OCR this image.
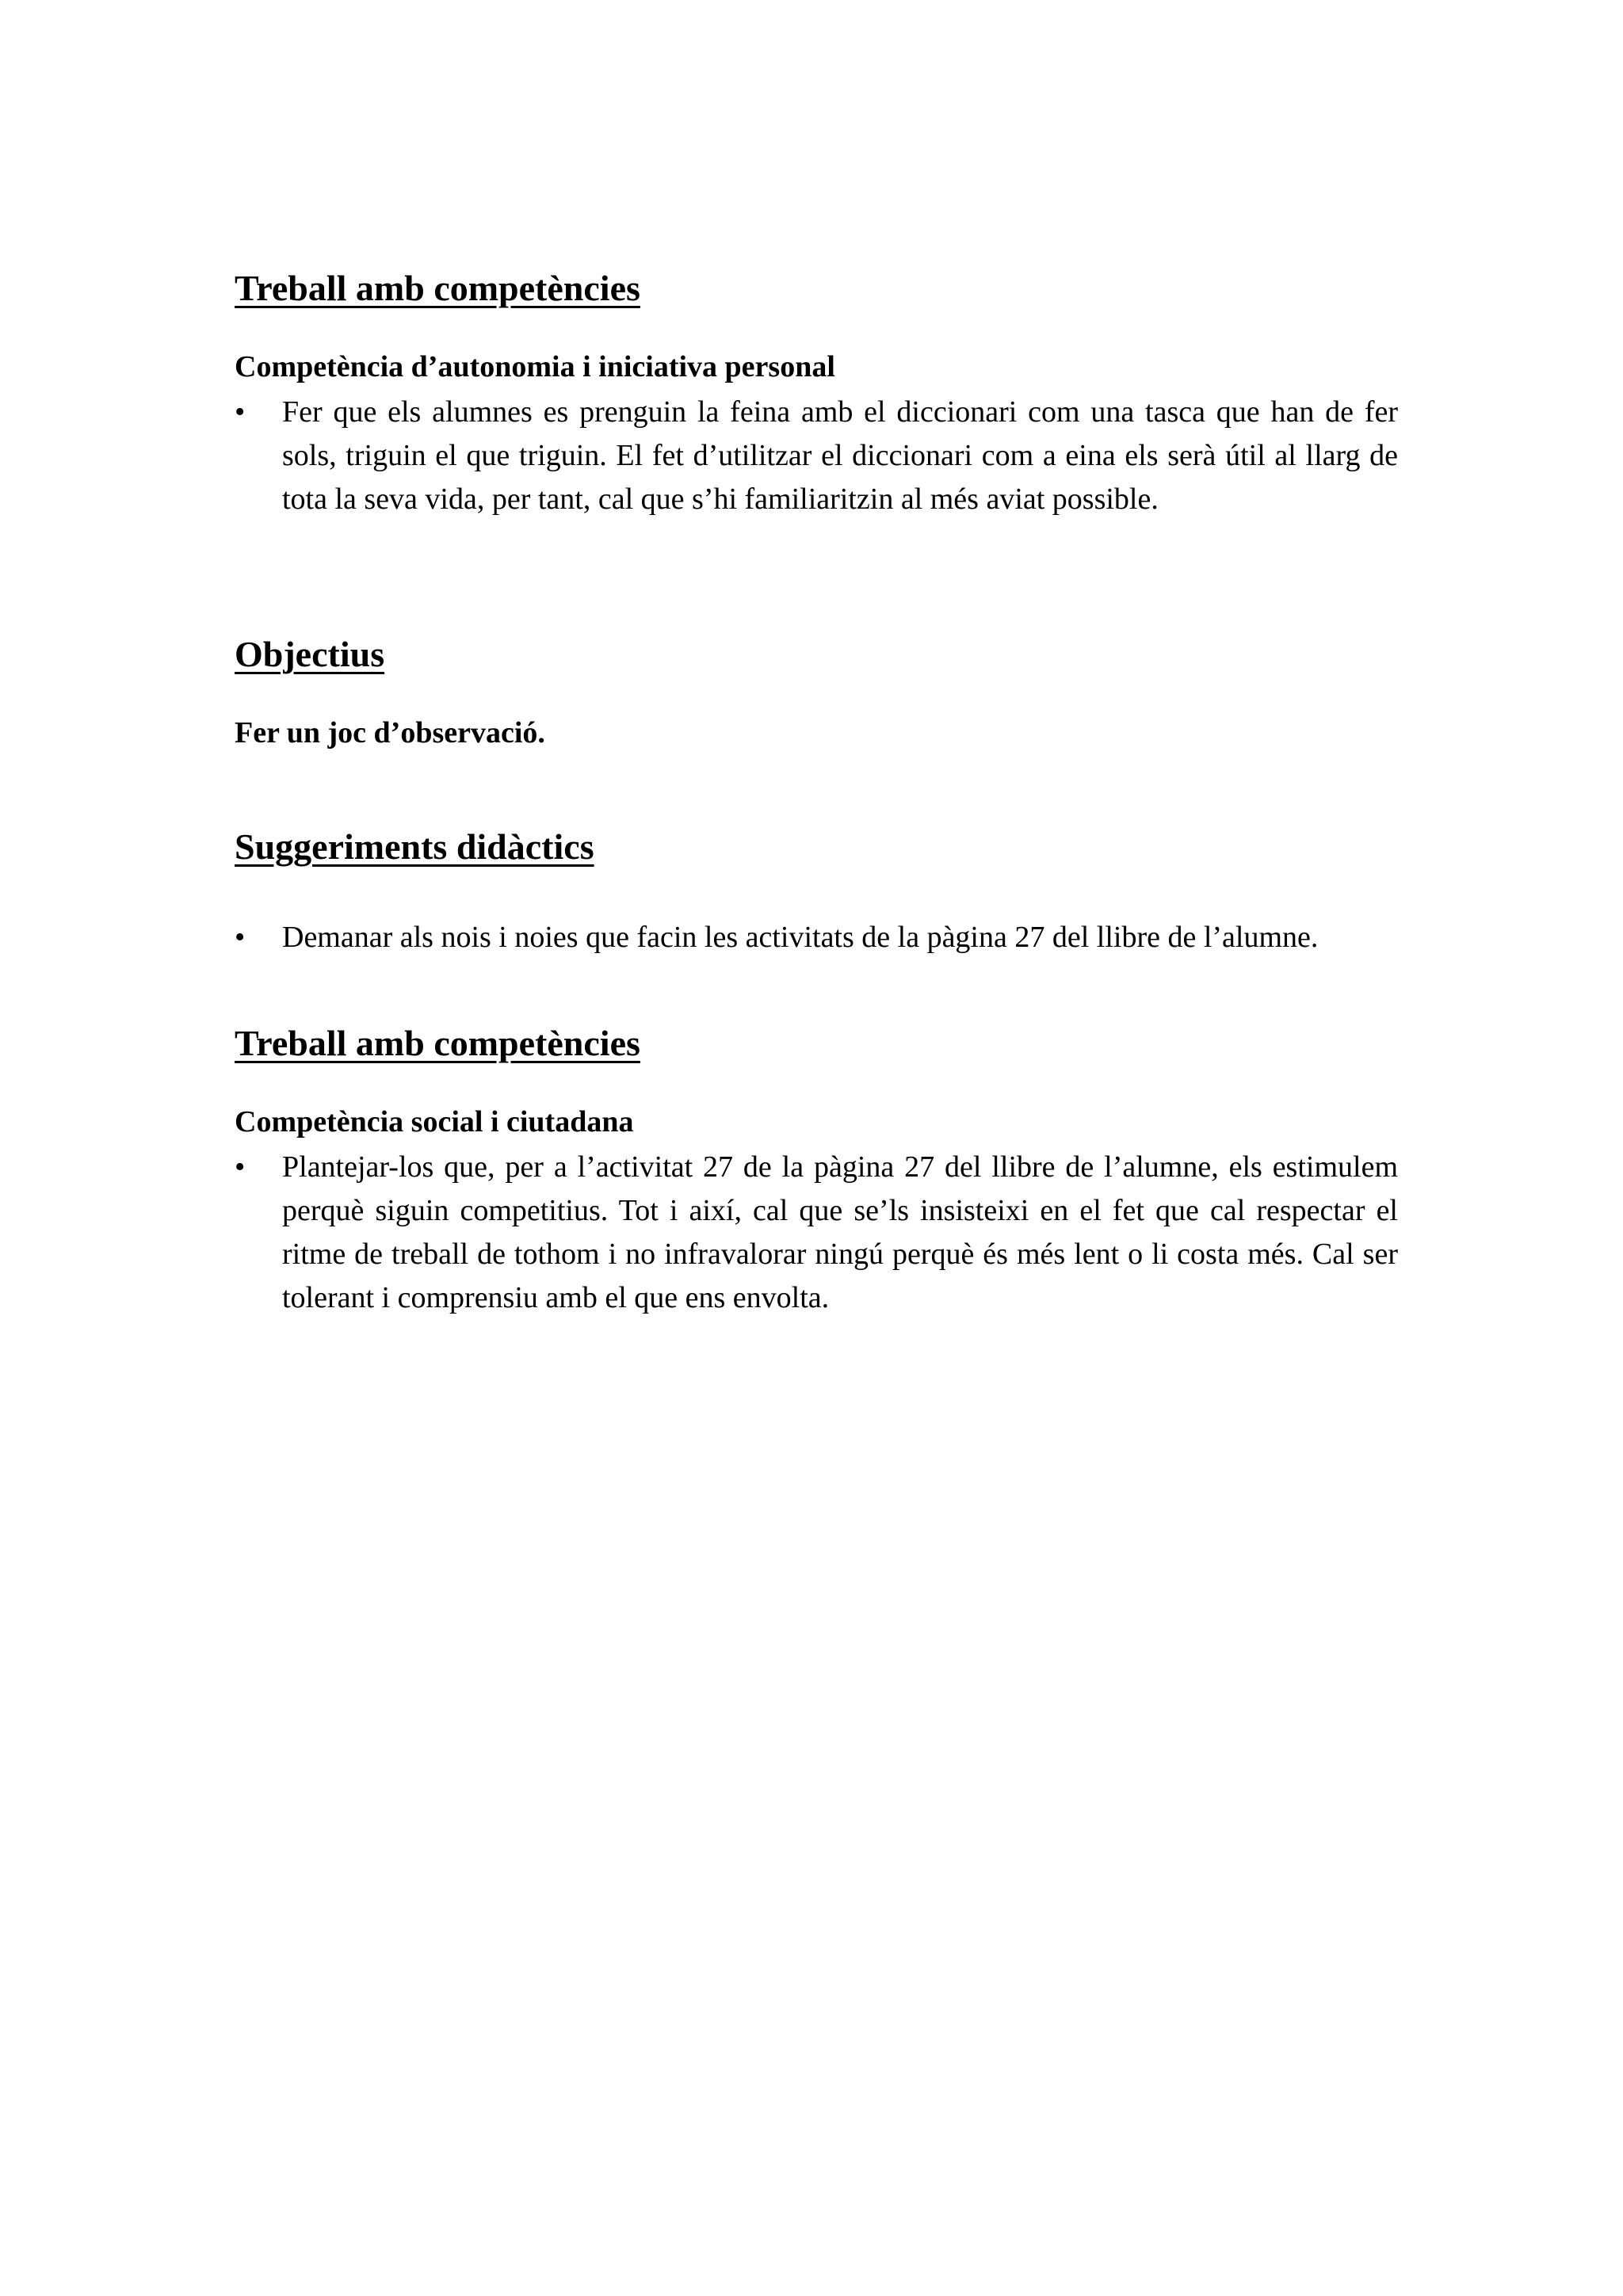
Treball amb competències
Competència d’autonomia i iniciativa personal

• Fer que els alumnes es prenguin la feina amb el diccionari com una tasca que han de fer sols, triguin el que triguin. El fet d’utilitzar el diccionari com a eina els serà útil al llarg de tota la seva vida, per tant, cal que s’hi familiaritzin al més aviat possible.

Objectius

Fer un joc d’observació.

Suggeriments didàctics

• Demanar als nois i noies que facin les activitats de la pàgina 27 del llibre de l’alumne.

Treball amb competències
Competència social i ciutadana

• Plantejar-los que, per a l’activitat 27 de la pàgina 27 del llibre de l’alumne, els estimulem perquè siguin competitius. Tot i així, cal que se’ls insisteixi en el fet que cal respectar el ritme de treball de tothom i no infravalorar ningú perquè és més lent o li costa més. Cal ser tolerant i comprensiu amb el que ens envolta.
